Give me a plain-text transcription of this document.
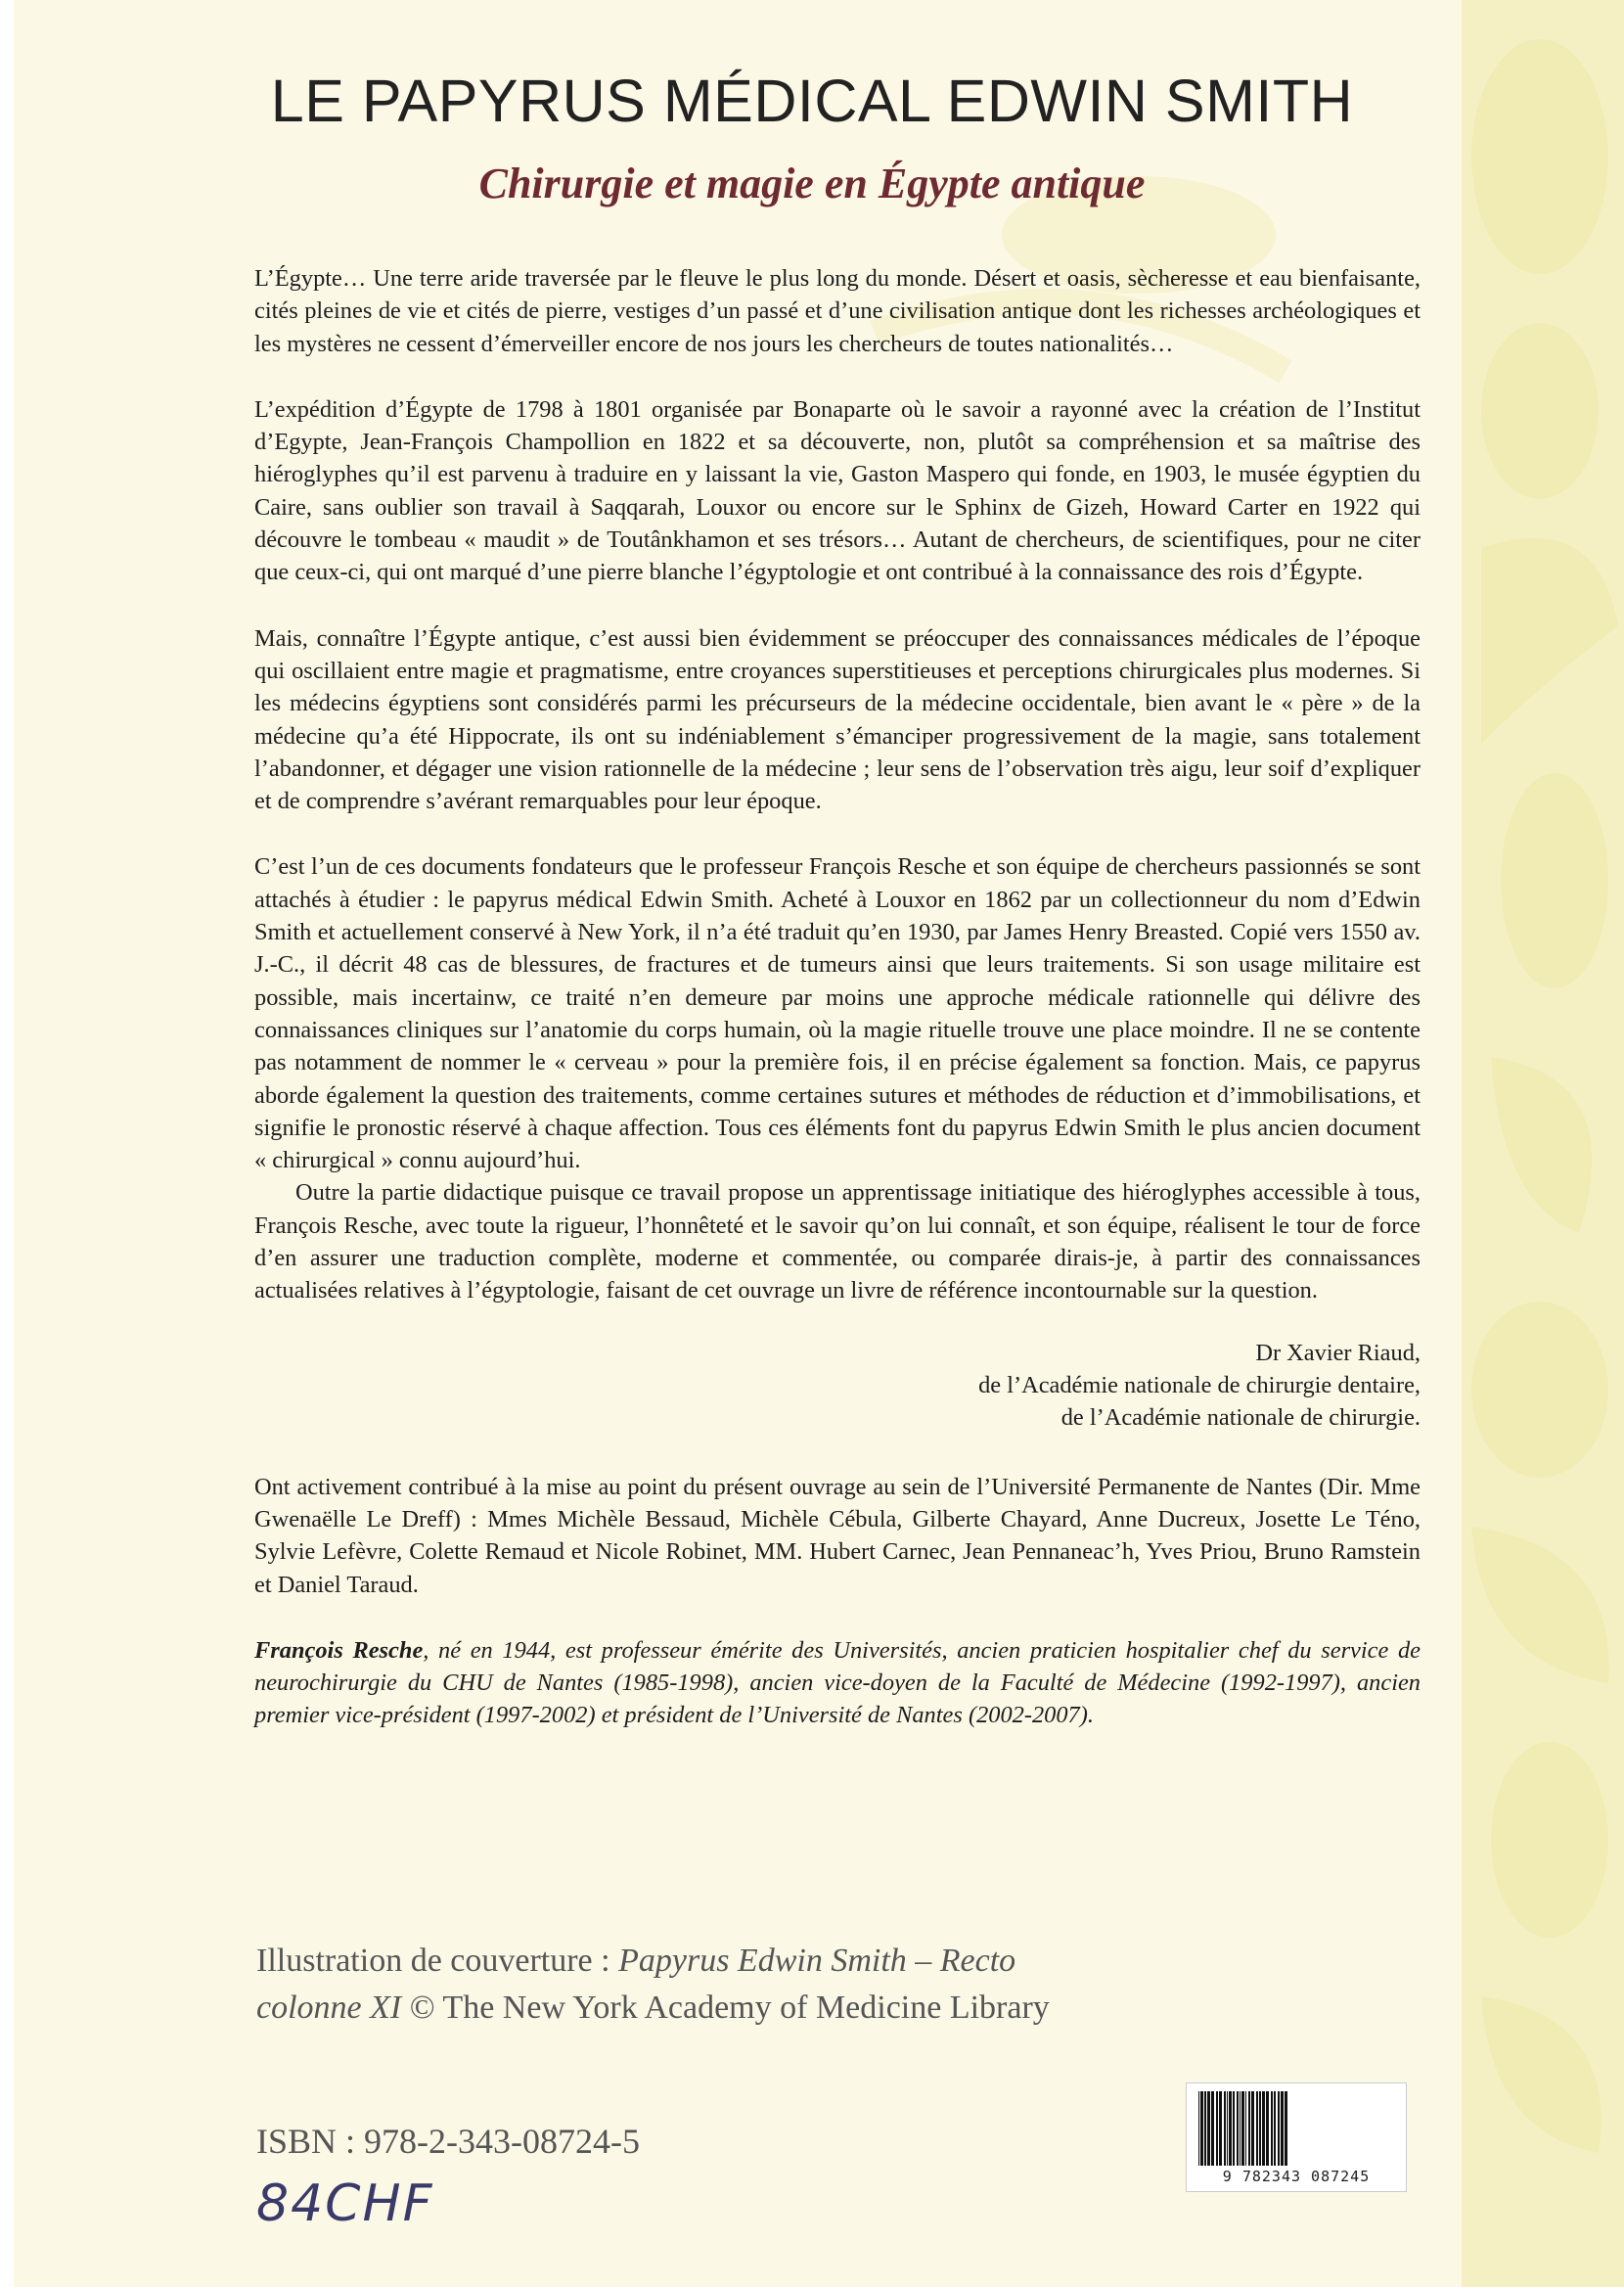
LE PAPYRUS MÉDICAL EDWIN SMITH
Chirurgie et magie en Égypte antique

L’Égypte… Une terre aride traversée par le fleuve le plus long du monde. Désert et oasis, sècheresse et eau bienfaisante, cités pleines de vie et cités de pierre, vestiges d’un passé et d’une civilisation antique dont les richesses archéologiques et les mystères ne cessent d’émerveiller encore de nos jours les chercheurs de toutes nationalités…

L’expédition d’Égypte de 1798 à 1801 organisée par Bonaparte où le savoir a rayonné avec la création de l’Institut d’Egypte, Jean-François Champollion en 1822 et sa découverte, non, plutôt sa compréhension et sa maîtrise des hiéroglyphes qu’il est parvenu à traduire en y laissant la vie, Gaston Maspero qui fonde, en 1903, le musée égyptien du Caire, sans oublier son travail à Saqqarah, Louxor ou encore sur le Sphinx de Gizeh, Howard Carter en 1922 qui découvre le tombeau « maudit » de Toutânkhamon et ses trésors… Autant de chercheurs, de scientifiques, pour ne citer que ceux-ci, qui ont marqué d’une pierre blanche l’égyptologie et ont contribué à la connaissance des rois d’Égypte.

Mais, connaître l’Égypte antique, c’est aussi bien évidemment se préoccuper des connaissances médicales de l’époque qui oscillaient entre magie et pragmatisme, entre croyances superstitieuses et perceptions chirurgicales plus modernes. Si les médecins égyptiens sont considérés parmi les précurseurs de la médecine occidentale, bien avant le « père » de la médecine qu’a été Hippocrate, ils ont su indéniablement s’émanciper progressivement de la magie, sans totalement l’abandonner, et dégager une vision rationnelle de la médecine ; leur sens de l’observation très aigu, leur soif d’expliquer et de comprendre s’avérant remarquables pour leur époque.

C’est l’un de ces documents fondateurs que le professeur François Resche et son équipe de chercheurs passionnés se sont attachés à étudier : le papyrus médical Edwin Smith. Acheté à Louxor en 1862 par un collectionneur du nom d’Edwin Smith et actuellement conservé à New York, il n’a été traduit qu’en 1930, par James Henry Breasted. Copié vers 1550 av. J.-C., il décrit 48 cas de blessures, de fractures et de tumeurs ainsi que leurs traitements. Si son usage militaire est possible, mais incertainw, ce traité n’en demeure par moins une approche médicale rationnelle qui délivre des connaissances cliniques sur l’anatomie du corps humain, où la magie rituelle trouve une place moindre. Il ne se contente pas notamment de nommer le « cerveau » pour la première fois, il en précise également sa fonction. Mais, ce papyrus aborde également la question des traitements, comme certaines sutures et méthodes de réduction et d’immobilisations, et signifie le pronostic réservé à chaque affection. Tous ces éléments font du papyrus Edwin Smith le plus ancien document « chirurgical » connu aujourd’hui.

Outre la partie didactique puisque ce travail propose un apprentissage initiatique des hiéroglyphes accessible à tous, François Resche, avec toute la rigueur, l’honnêteté et le savoir qu’on lui connaît, et son équipe, réalisent le tour de force d’en assurer une traduction complète, moderne et commentée, ou comparée dirais-je, à partir des connaissances actualisées relatives à l’égyptologie, faisant de cet ouvrage un livre de référence incontournable sur la question.

Dr Xavier Riaud,
de l’Académie nationale de chirurgie dentaire,
de l’Académie nationale de chirurgie.

Ont activement contribué à la mise au point du présent ouvrage au sein de l’Université Permanente de Nantes (Dir. Mme Gwenaëlle Le Dreff) : Mmes Michèle Bessaud, Michèle Cébula, Gilberte Chayard, Anne Ducreux, Josette Le Téno, Sylvie Lefèvre, Colette Remaud et Nicole Robinet, MM. Hubert Carnec, Jean Pennaneac’h, Yves Priou, Bruno Ramstein et Daniel Taraud.

François Resche, né en 1944, est professeur émérite des Universités, ancien praticien hospitalier chef du service de neurochirurgie du CHU de Nantes (1985-1998), ancien vice-doyen de la Faculté de Médecine (1992-1997), ancien premier vice-président (1997-2002) et président de l’Université de Nantes (2002-2007).

Illustration de couverture : Papyrus Edwin Smith – Recto colonne XI © The New York Academy of Medicine Library
ISBN : 978-2-343-08724-5
84CHF	9 782343 087245
